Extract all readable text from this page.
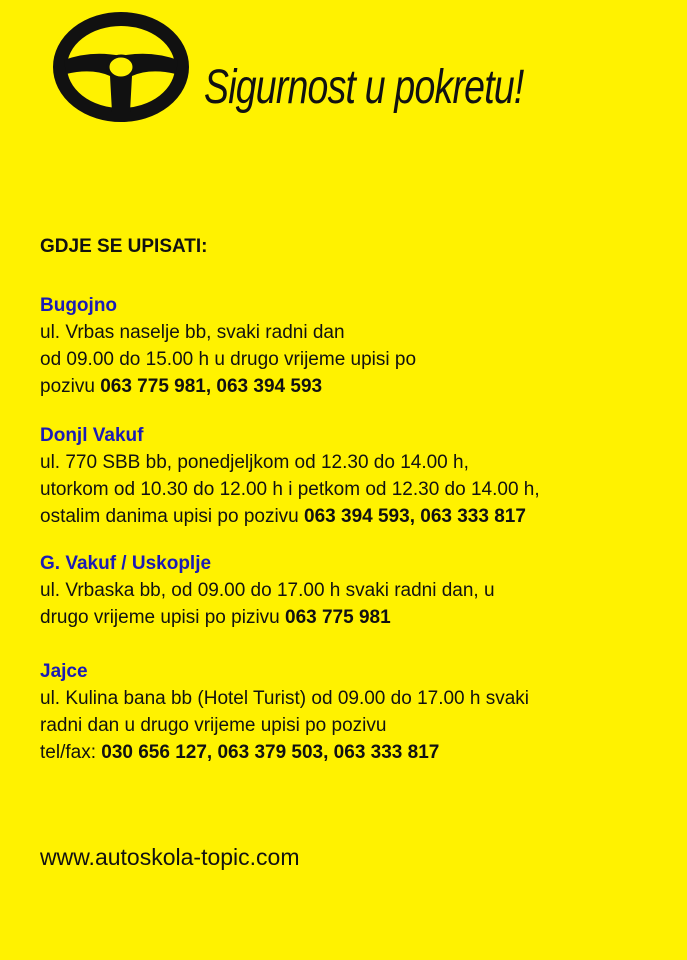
Sigurnost u pokretu!
GDJE SE UPISATI:
Bugojno
ul. Vrbas naselje bb, svaki radni dan
od 09.00 do 15.00 h u drugo vrijeme upisi po
pozivu 063 775 981, 063 394 593
Donjl Vakuf
ul. 770 SBB bb, ponedjeljkom od 12.30 do 14.00 h,
utorkom od 10.30 do 12.00 h i petkom od 12.30 do 14.00 h,
ostalim danima upisi po pozivu 063 394 593, 063 333 817
G. Vakuf / Uskoplje
ul. Vrbaska bb, od 09.00 do 17.00 h svaki radni dan, u
drugo vrijeme upisi po pizivu 063 775 981
Jajce
ul. Kulina bana bb (Hotel Turist) od 09.00 do 17.00 h svaki
radni dan u drugo vrijeme upisi po pozivu
tel/fax: 030 656 127, 063 379 503, 063 333 817
www.autoskola-topic.com
